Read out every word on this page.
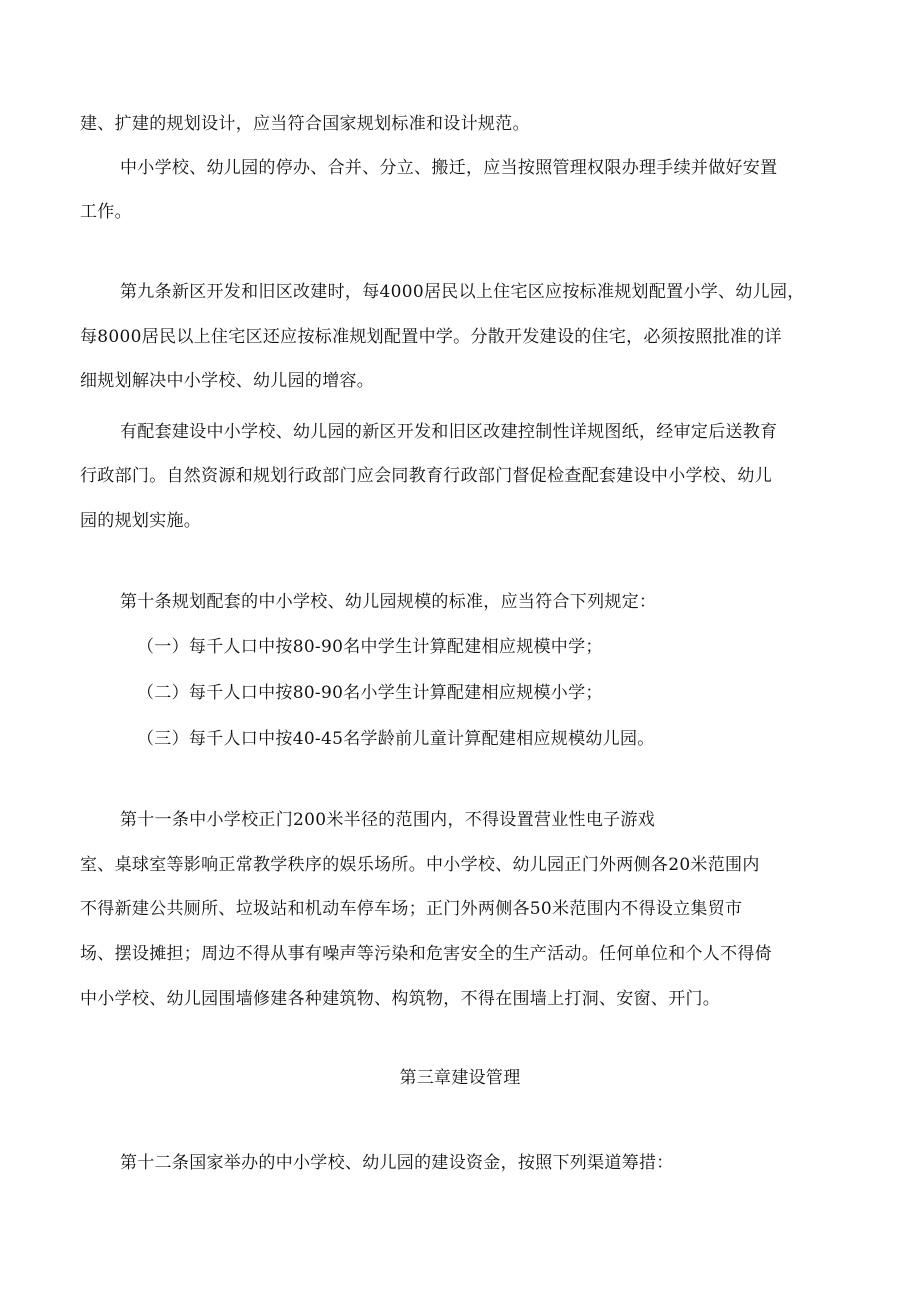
建、扩建的规划设计，应当符合国家规划标准和设计规范。
中小学校、幼儿园的停办、合并、分立、搬迁，应当按照管理权限办理手续并做好安置
工作。
第九条新区开发和旧区改建时，每4000居民以上住宅区应按标准规划配置小学、幼儿园，
每8000居民以上住宅区还应按标准规划配置中学。分散开发建设的住宅，必须按照批准的详
细规划解决中小学校、幼儿园的增容。
有配套建设中小学校、幼儿园的新区开发和旧区改建控制性详规图纸，经审定后送教育
行政部门。自然资源和规划行政部门应会同教育行政部门督促检查配套建设中小学校、幼儿
园的规划实施。
第十条规划配套的中小学校、幼儿园规模的标准，应当符合下列规定：
（一）每千人口中按80-90名中学生计算配建相应规模中学；
（二）每千人口中按80-90名小学生计算配建相应规模小学；
（三）每千人口中按40-45名学龄前儿童计算配建相应规模幼儿园。
第十一条中小学校正门200米半径的范围内，不得设置营业性电子游戏
室、桌球室等影响正常教学秩序的娱乐场所。中小学校、幼儿园正门外两侧各20米范围内
不得新建公共厕所、垃圾站和机动车停车场；正门外两侧各50米范围内不得设立集贸市
场、摆设摊担；周边不得从事有噪声等污染和危害安全的生产活动。任何单位和个人不得倚
中小学校、幼儿园围墙修建各种建筑物、构筑物，不得在围墙上打洞、安窗、开门。
第三章建设管理
第十二条国家举办的中小学校、幼儿园的建设资金，按照下列渠道筹措：
